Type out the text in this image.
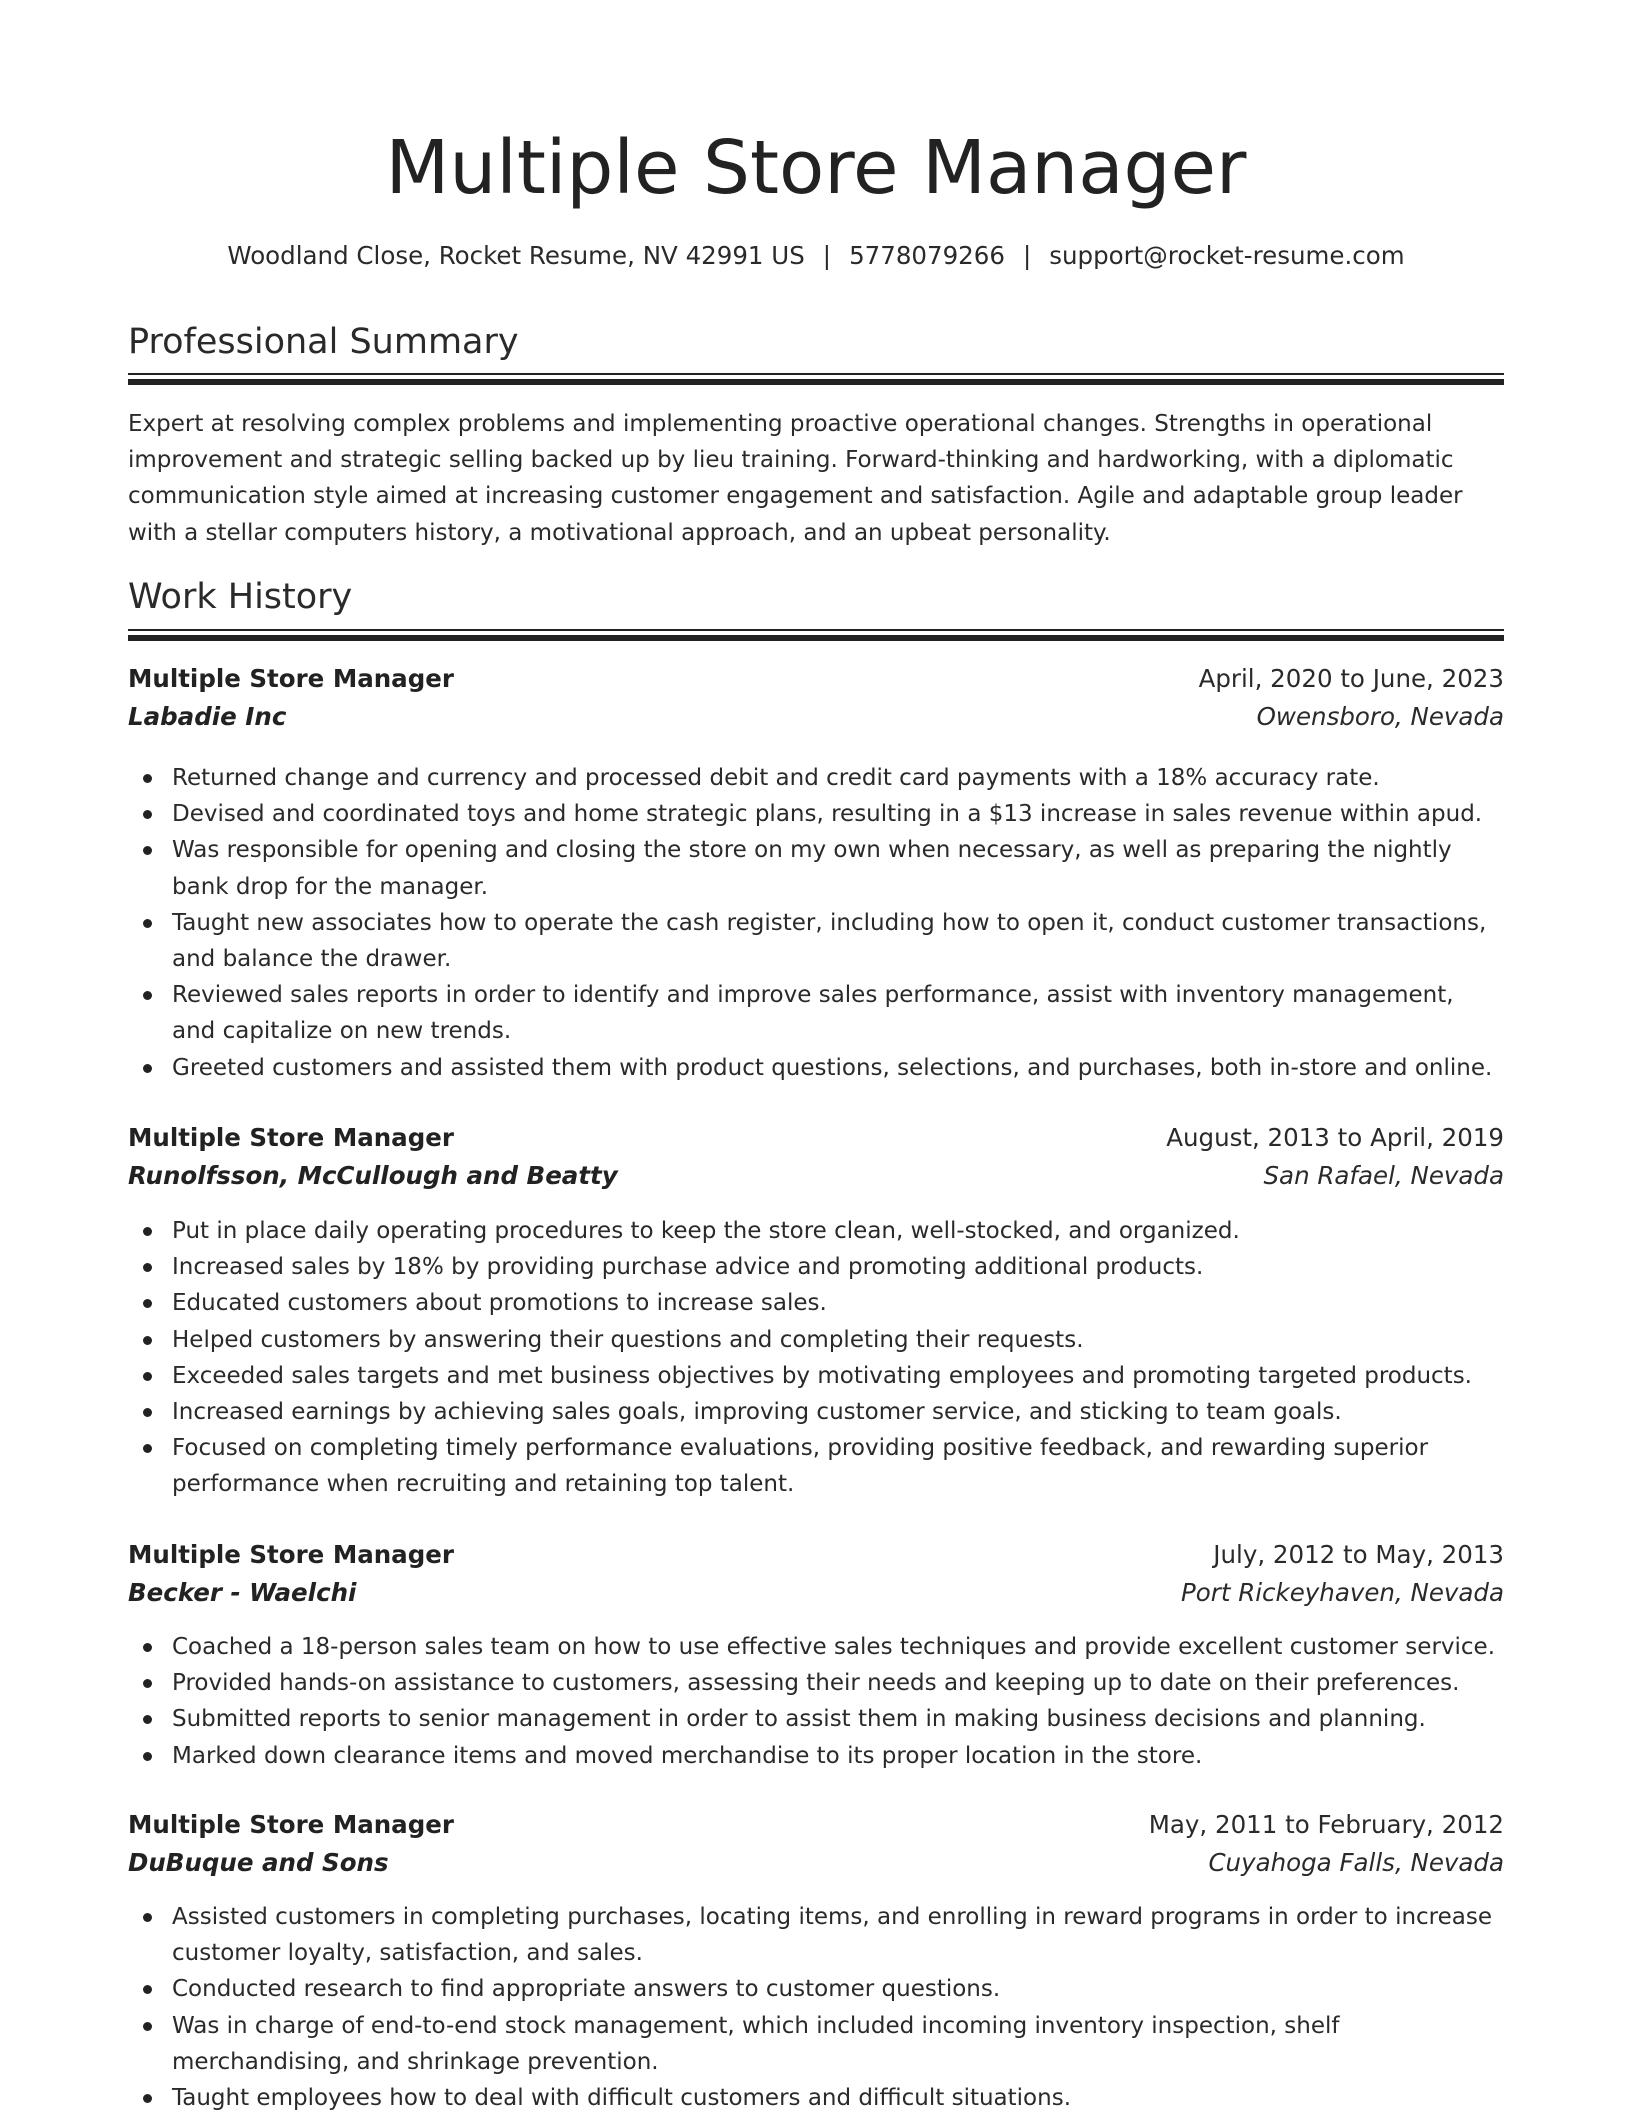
Multiple Store Manager
Woodland Close, Rocket Resume, NV 42991 US | 5778079266 | support@rocket-resume.com
Professional Summary
Expert at resolving complex problems and implementing proactive operational changes. Strengths in operational
improvement and strategic selling backed up by lieu training. Forward-thinking and hardworking, with a diplomatic
communication style aimed at increasing customer engagement and satisfaction. Agile and adaptable group leader
with a stellar computers history, a motivational approach, and an upbeat personality.
Work History
Multiple Store Manager	April, 2020 to June, 2023
Labadie Inc	Owensboro, Nevada
Returned change and currency and processed debit and credit card payments with a 18% accuracy rate.
Devised and coordinated toys and home strategic plans, resulting in a $13 increase in sales revenue within apud.
Was responsible for opening and closing the store on my own when necessary, as well as preparing the nightly bank drop for the manager.
Taught new associates how to operate the cash register, including how to open it, conduct customer transactions, and balance the drawer.
Reviewed sales reports in order to identify and improve sales performance, assist with inventory management, and capitalize on new trends.
Greeted customers and assisted them with product questions, selections, and purchases, both in-store and online.
Multiple Store Manager	August, 2013 to April, 2019
Runolfsson, McCullough and Beatty	San Rafael, Nevada
Put in place daily operating procedures to keep the store clean, well-stocked, and organized.
Increased sales by 18% by providing purchase advice and promoting additional products.
Educated customers about promotions to increase sales.
Helped customers by answering their questions and completing their requests.
Exceeded sales targets and met business objectives by motivating employees and promoting targeted products.
Increased earnings by achieving sales goals, improving customer service, and sticking to team goals.
Focused on completing timely performance evaluations, providing positive feedback, and rewarding superior performance when recruiting and retaining top talent.
Multiple Store Manager	July, 2012 to May, 2013
Becker - Waelchi	Port Rickeyhaven, Nevada
Coached a 18-person sales team on how to use effective sales techniques and provide excellent customer service.
Provided hands-on assistance to customers, assessing their needs and keeping up to date on their preferences.
Submitted reports to senior management in order to assist them in making business decisions and planning.
Marked down clearance items and moved merchandise to its proper location in the store.
Multiple Store Manager	May, 2011 to February, 2012
DuBuque and Sons	Cuyahoga Falls, Nevada
Assisted customers in completing purchases, locating items, and enrolling in reward programs in order to increase customer loyalty, satisfaction, and sales.
Conducted research to find appropriate answers to customer questions.
Was in charge of end-to-end stock management, which included incoming inventory inspection, shelf merchandising, and shrinkage prevention.
Taught employees how to deal with difficult customers and difficult situations.
